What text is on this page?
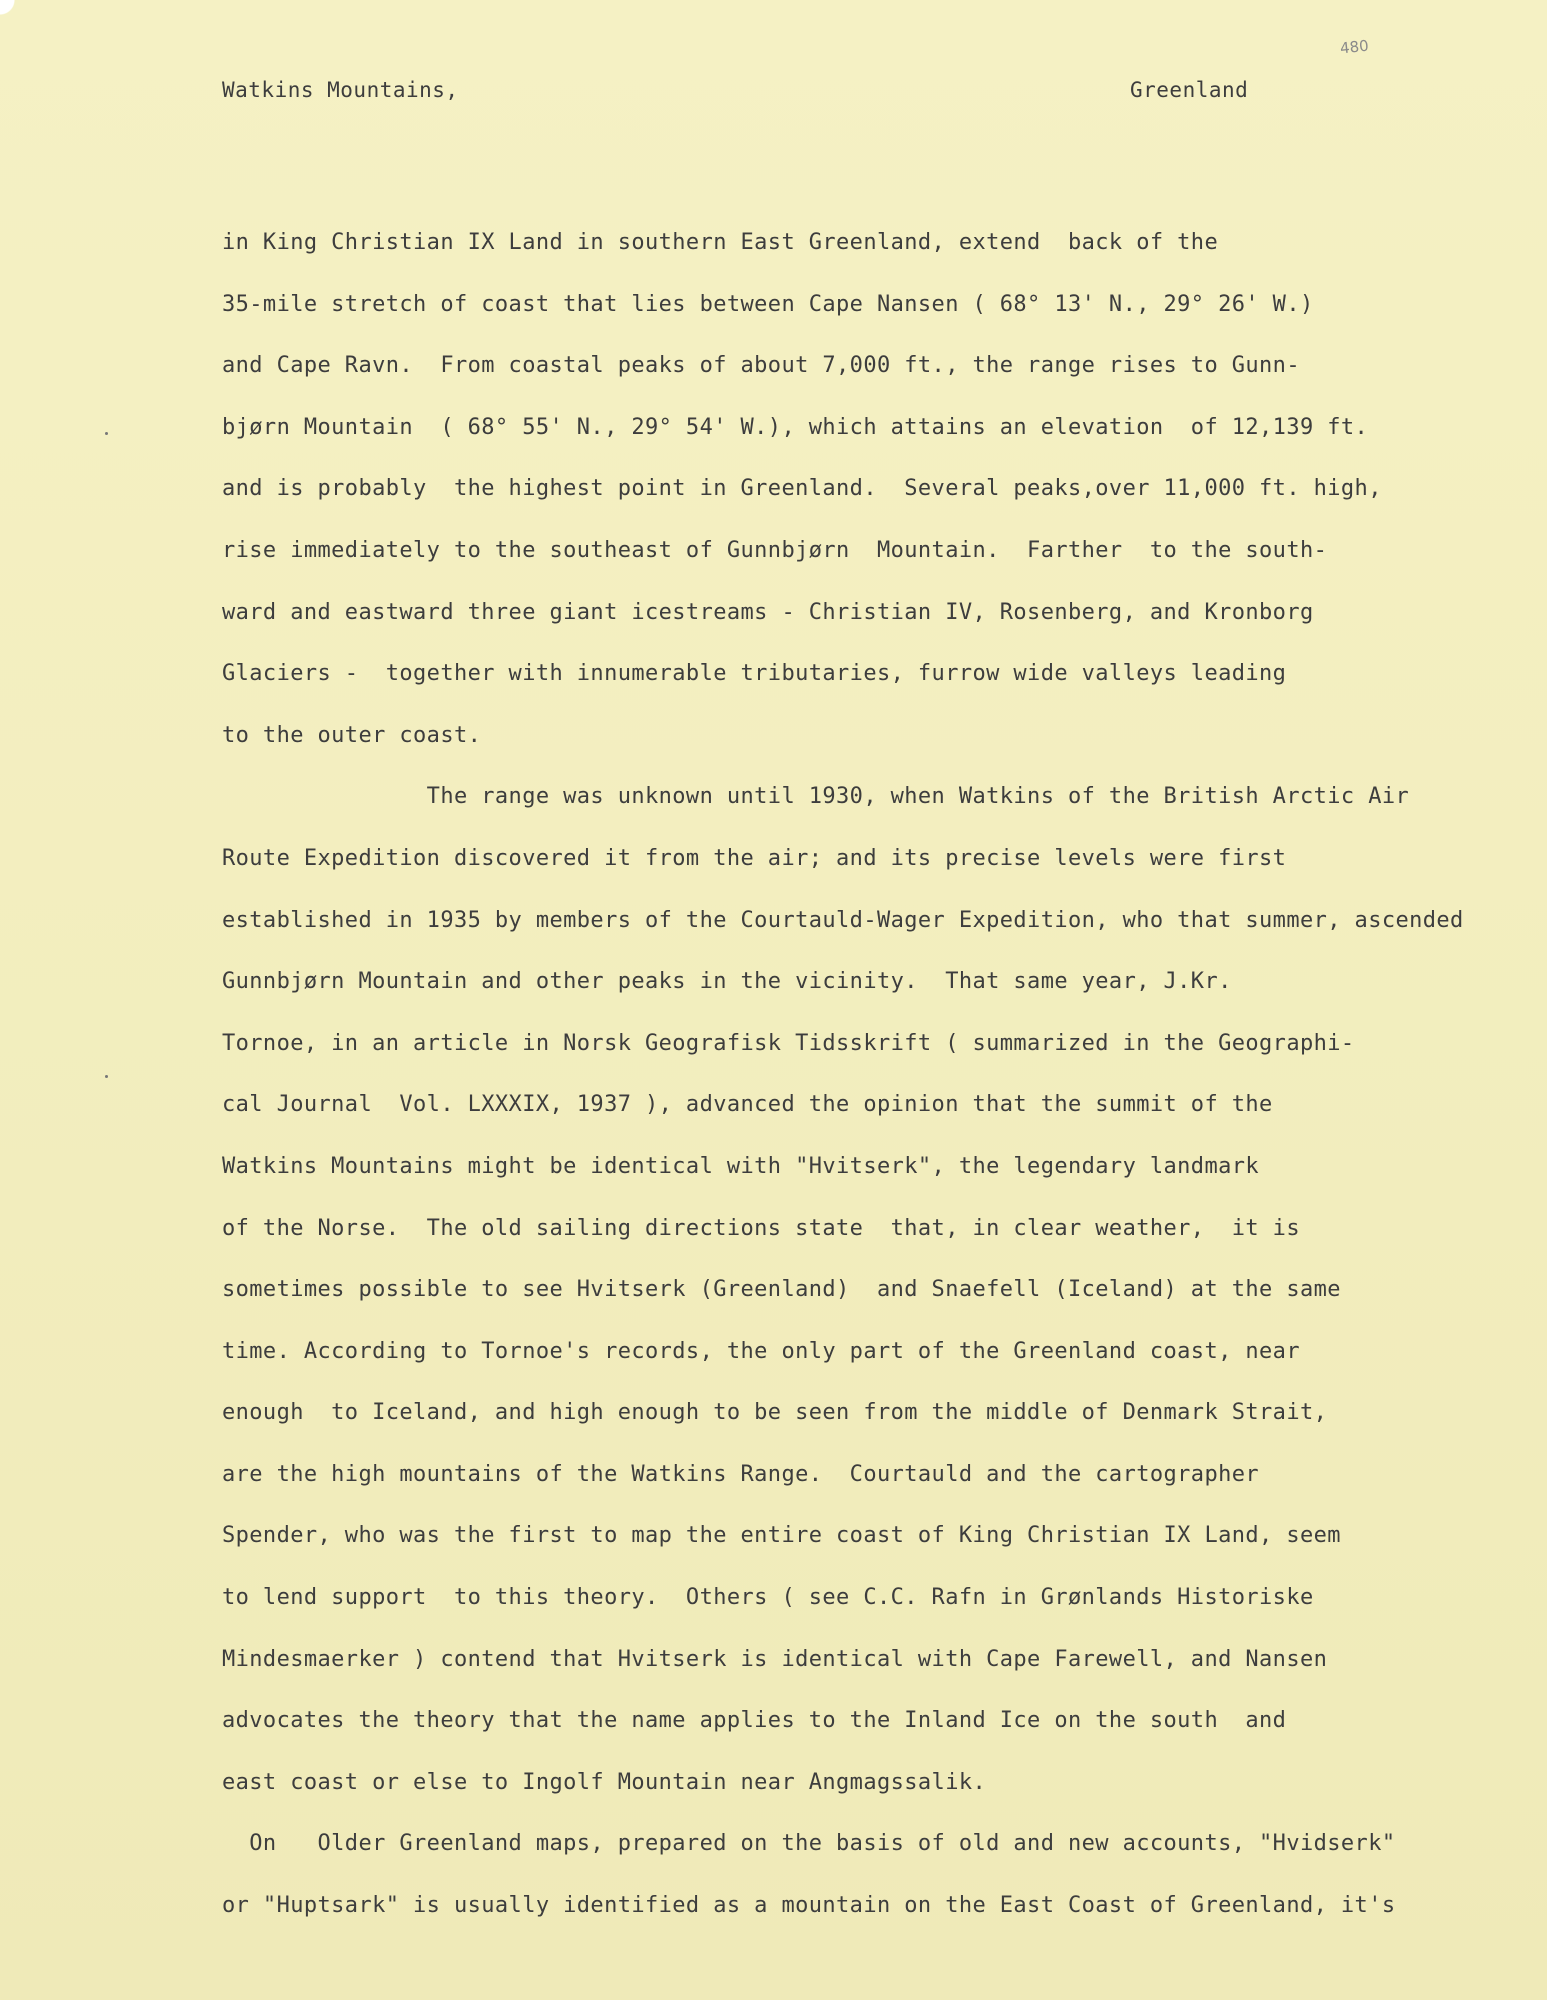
Watkins Mountains,	Greenland
480
in King Christian IX Land in southern East Greenland, extend  back of the
35-mile stretch of coast that lies between Cape Nansen ( 68° 13' N., 29° 26' W.)
and Cape Ravn.  From coastal peaks of about 7,000 ft., the range rises to Gunn-
bjørn Mountain  ( 68° 55' N., 29° 54' W.), which attains an elevation  of 12,139 ft.
and is probably  the highest point in Greenland.  Several peaks,over 11,000 ft. high,
rise immediately to the southeast of Gunnbjørn  Mountain.  Farther  to the south-
ward and eastward three giant icestreams - Christian IV, Rosenberg, and Kronborg
Glaciers -  together with innumerable tributaries, furrow wide valleys leading
to the outer coast.
The range was unknown until 1930, when Watkins of the British Arctic Air
Route Expedition discovered it from the air; and its precise levels were first
established in 1935 by members of the Courtauld-Wager Expedition, who that summer, ascended
Gunnbjørn Mountain and other peaks in the vicinity.  That same year, J.Kr.
Tornoe, in an article in Norsk Geografisk Tidsskrift ( summarized in the Geographi-
cal Journal  Vol. LXXXIX, 1937 ), advanced the opinion that the summit of the
Watkins Mountains might be identical with "Hvitserk", the legendary landmark
of the Norse.  The old sailing directions state  that, in clear weather,  it is
sometimes possible to see Hvitserk (Greenland)  and Snaefell (Iceland) at the same
time. According to Tornoe's records, the only part of the Greenland coast, near
enough  to Iceland, and high enough to be seen from the middle of Denmark Strait,
are the high mountains of the Watkins Range.  Courtauld and the cartographer
Spender, who was the first to map the entire coast of King Christian IX Land, seem
to lend support  to this theory.  Others ( see C.C. Rafn in Grønlands Historiske
Mindesmaerker ) contend that Hvitserk is identical with Cape Farewell, and Nansen
advocates the theory that the name applies to the Inland Ice on the south  and
east coast or else to Ingolf Mountain near Angmagssalik.
On   Older Greenland maps, prepared on the basis of old and new accounts, "Hvidserk"
or "Huptsark" is usually identified as a mountain on the East Coast of Greenland, it's
